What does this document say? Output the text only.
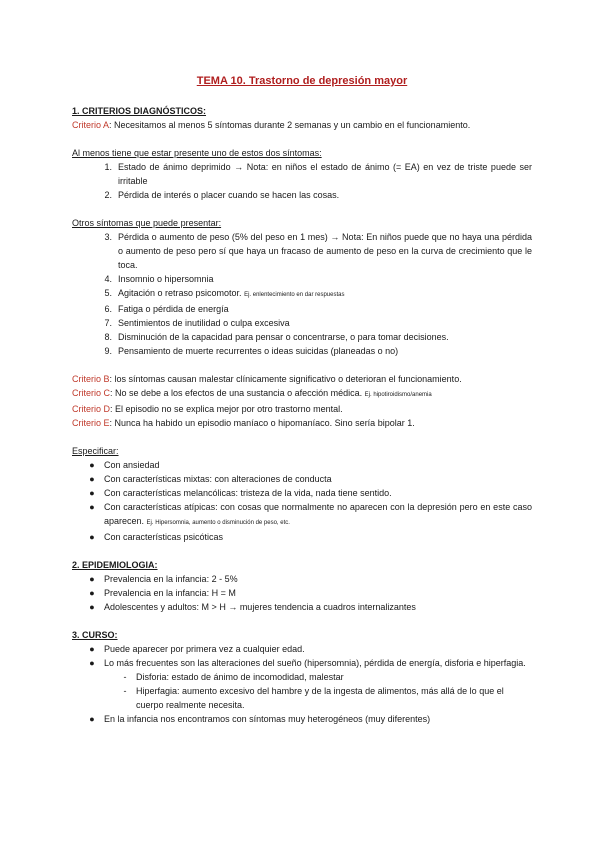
TEMA 10. Trastorno de depresión mayor

1. CRITERIOS DIAGNÓSTICOS:

Criterio A: Necesitamos al menos 5 síntomas durante 2 semanas y un cambio en el funcionamiento.

Al menos tiene que estar presente uno de estos dos síntomas:

1. Estado de ánimo deprimido → Nota: en niños el estado de ánimo (= EA) en vez de triste puede ser irritable
2. Pérdida de interés o placer cuando se hacen las cosas.

Otros síntomas que puede presentar:

3. Pérdida o aumento de peso (5% del peso en 1 mes) → Nota: En niños puede que no haya una pérdida o aumento de peso pero sí que haya un fracaso de aumento de peso en la curva de crecimiento que le toca.
4. Insomnio o hipersomnia
5. Agitación o retraso psicomotor. Ej. enlentecimiento en dar respuestas
6. Fatiga o pérdida de energía
7. Sentimientos de inutilidad o culpa excesiva
8. Disminución de la capacidad para pensar o concentrarse, o para tomar decisiones.
9. Pensamiento de muerte recurrentes o ideas suicidas (planeadas o no)

Criterio B: los síntomas causan malestar clínicamente significativo o deterioran el funcionamiento.

Criterio C: No se debe a los efectos de una sustancia o afección médica. Ej. hipotiroidismo/anemia

Criterio D: El episodio no se explica mejor por otro trastorno mental.

Criterio E: Nunca ha habido un episodio maníaco o hipomaníaco. Sino sería bipolar 1.

Especificar:

●	Con ansiedad
●	Con características mixtas: con alteraciones de conducta
●	Con características melancólicas: tristeza de la vida, nada tiene sentido.
●	Con características atípicas: con cosas que normalmente no aparecen con la depresión pero en este caso aparecen. Ej. Hipersomnia, aumento o disminución de peso, etc.
●	Con características psicóticas

2. EPIDEMIOLOGIA:

●	Prevalencia en la infancia: 2 - 5%
●	Prevalencia en la infancia: H = M
●	Adolescentes y adultos: M > H → mujeres tendencia a cuadros internalizantes

3. CURSO:

●	Puede aparecer por primera vez a cualquier edad.
●	Lo más frecuentes son las alteraciones del sueño (hipersomnia), pérdida de energía, disforia e hiperfagia.
-	Disforia: estado de ánimo de incomodidad, malestar
-	Hiperfagia: aumento excesivo del hambre y de la ingesta de alimentos, más allá de lo que el cuerpo realmente necesita.
●	En la infancia nos encontramos con síntomas muy heterogéneos (muy diferentes)
